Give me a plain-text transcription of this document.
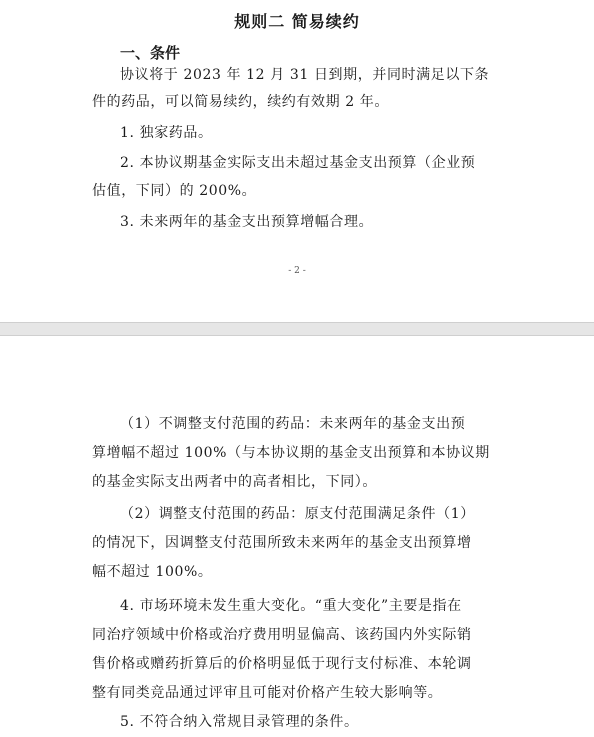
规则二 简易续约
一、条件
协议将于 2023 年 12 月 31 日到期，并同时满足以下条
件的药品，可以简易续约，续约有效期 2 年。
1. 独家药品。
2. 本协议期基金实际支出未超过基金支出预算（企业预
估值，下同）的 200%。
3. 未来两年的基金支出预算增幅合理。
- 2 -
（1）不调整支付范围的药品：未来两年的基金支出预
算增幅不超过 100%（与本协议期的基金支出预算和本协议期
的基金实际支出两者中的高者相比，下同）。
（2）调整支付范围的药品：原支付范围满足条件（1）
的情况下，因调整支付范围所致未来两年的基金支出预算增
幅不超过 100%。
4. 市场环境未发生重大变化。“重大变化”主要是指在
同治疗领域中价格或治疗费用明显偏高、该药国内外实际销
售价格或赠药折算后的价格明显低于现行支付标准、本轮调
整有同类竞品通过评审且可能对价格产生较大影响等。
5. 不符合纳入常规目录管理的条件。
